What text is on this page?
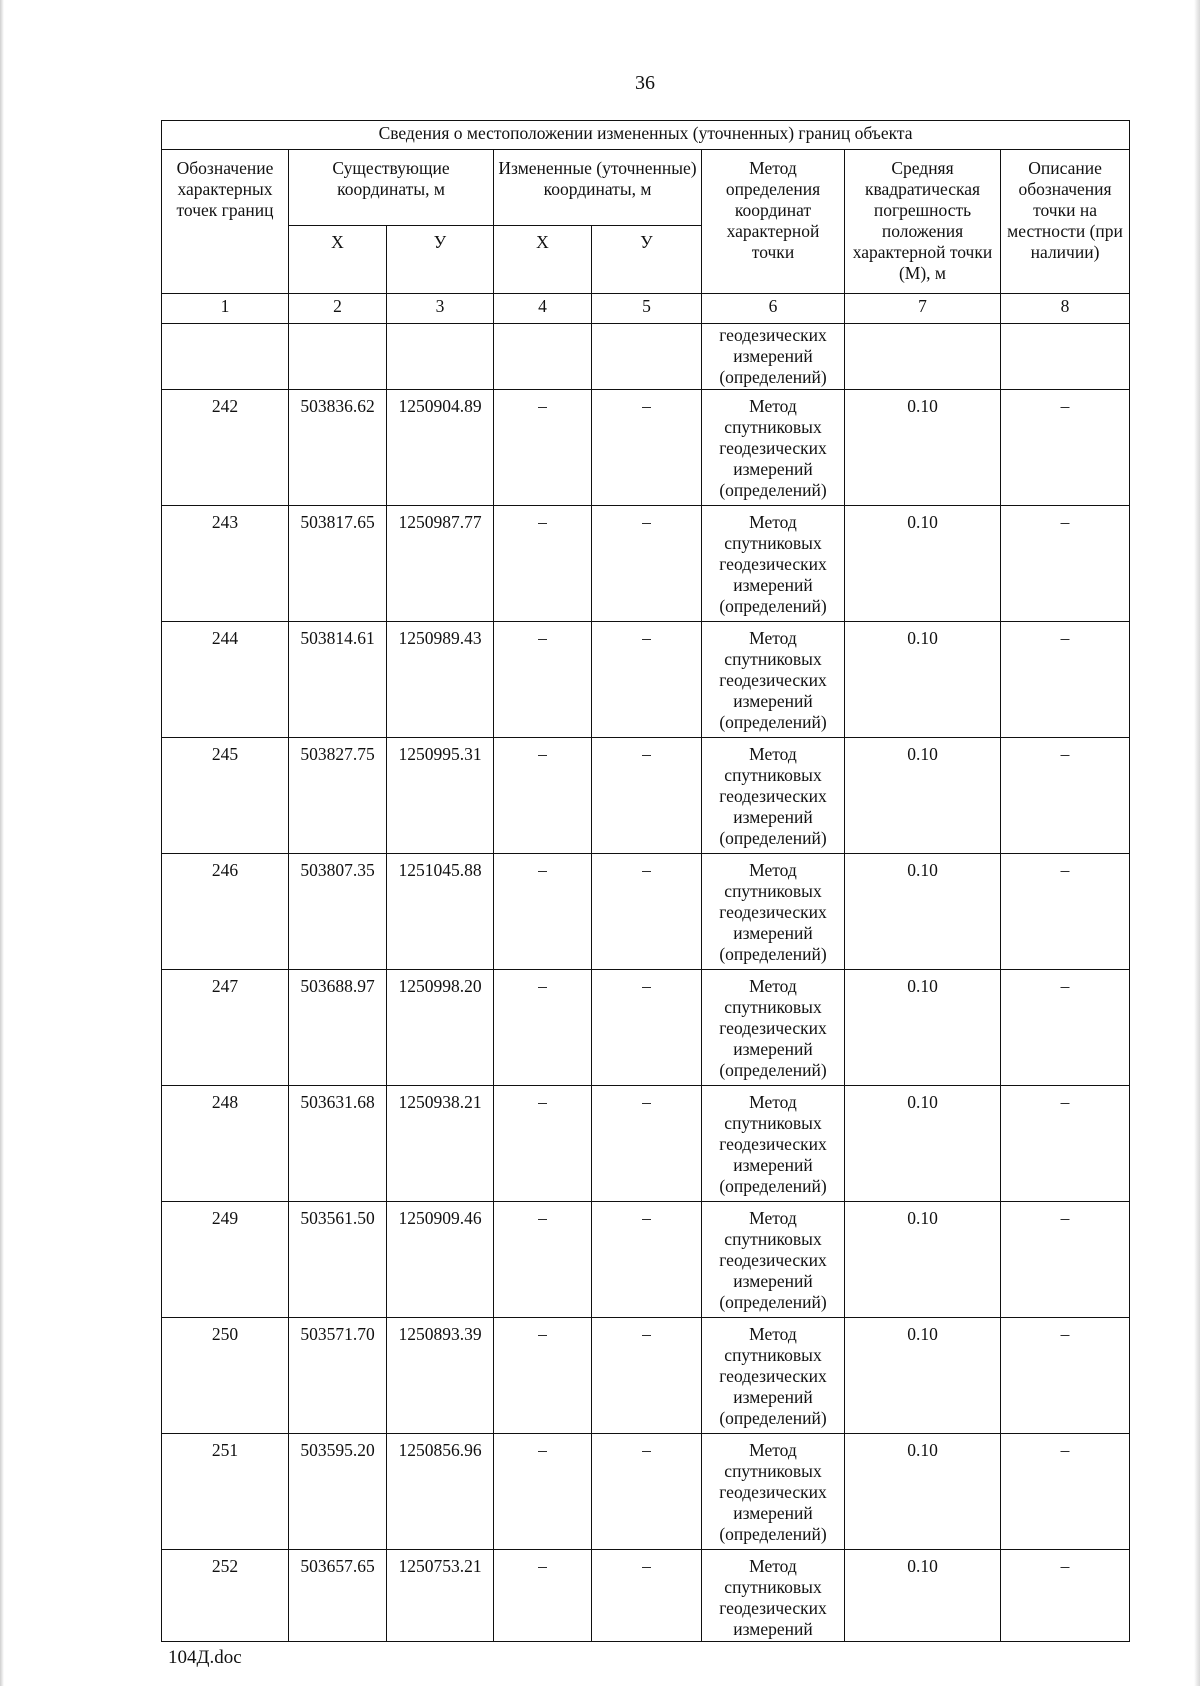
36
Сведения о местоположении измененных (уточненных) границ объекта							
Обозначение характерных точек границ	Существующие координаты, м		Измененные (уточненные) координаты, м		Метод определения координат характерной точки	Средняя квадратическая погрешность положения характерной точки (М), м	Описание обозначения точки на местности (при наличии)
	Х	У	Х	У			
1	2	3	4	5	6	7	8
					геодезических измерений (определений)		
242	503836.62	1250904.89	–	–	Метод спутниковых геодезических измерений (определений)	0.10	–
243	503817.65	1250987.77	–	–	Метод спутниковых геодезических измерений (определений)	0.10	–
244	503814.61	1250989.43	–	–	Метод спутниковых геодезических измерений (определений)	0.10	–
245	503827.75	1250995.31	–	–	Метод спутниковых геодезических измерений (определений)	0.10	–
246	503807.35	1251045.88	–	–	Метод спутниковых геодезических измерений (определений)	0.10	–
247	503688.97	1250998.20	–	–	Метод спутниковых геодезических измерений (определений)	0.10	–
248	503631.68	1250938.21	–	–	Метод спутниковых геодезических измерений (определений)	0.10	–
249	503561.50	1250909.46	–	–	Метод спутниковых геодезических измерений (определений)	0.10	–
250	503571.70	1250893.39	–	–	Метод спутниковых геодезических измерений (определений)	0.10	–
251	503595.20	1250856.96	–	–	Метод спутниковых геодезических измерений (определений)	0.10	–
252	503657.65	1250753.21	–	–	Метод спутниковых геодезических измерений	0.10	–
104Д.doc
